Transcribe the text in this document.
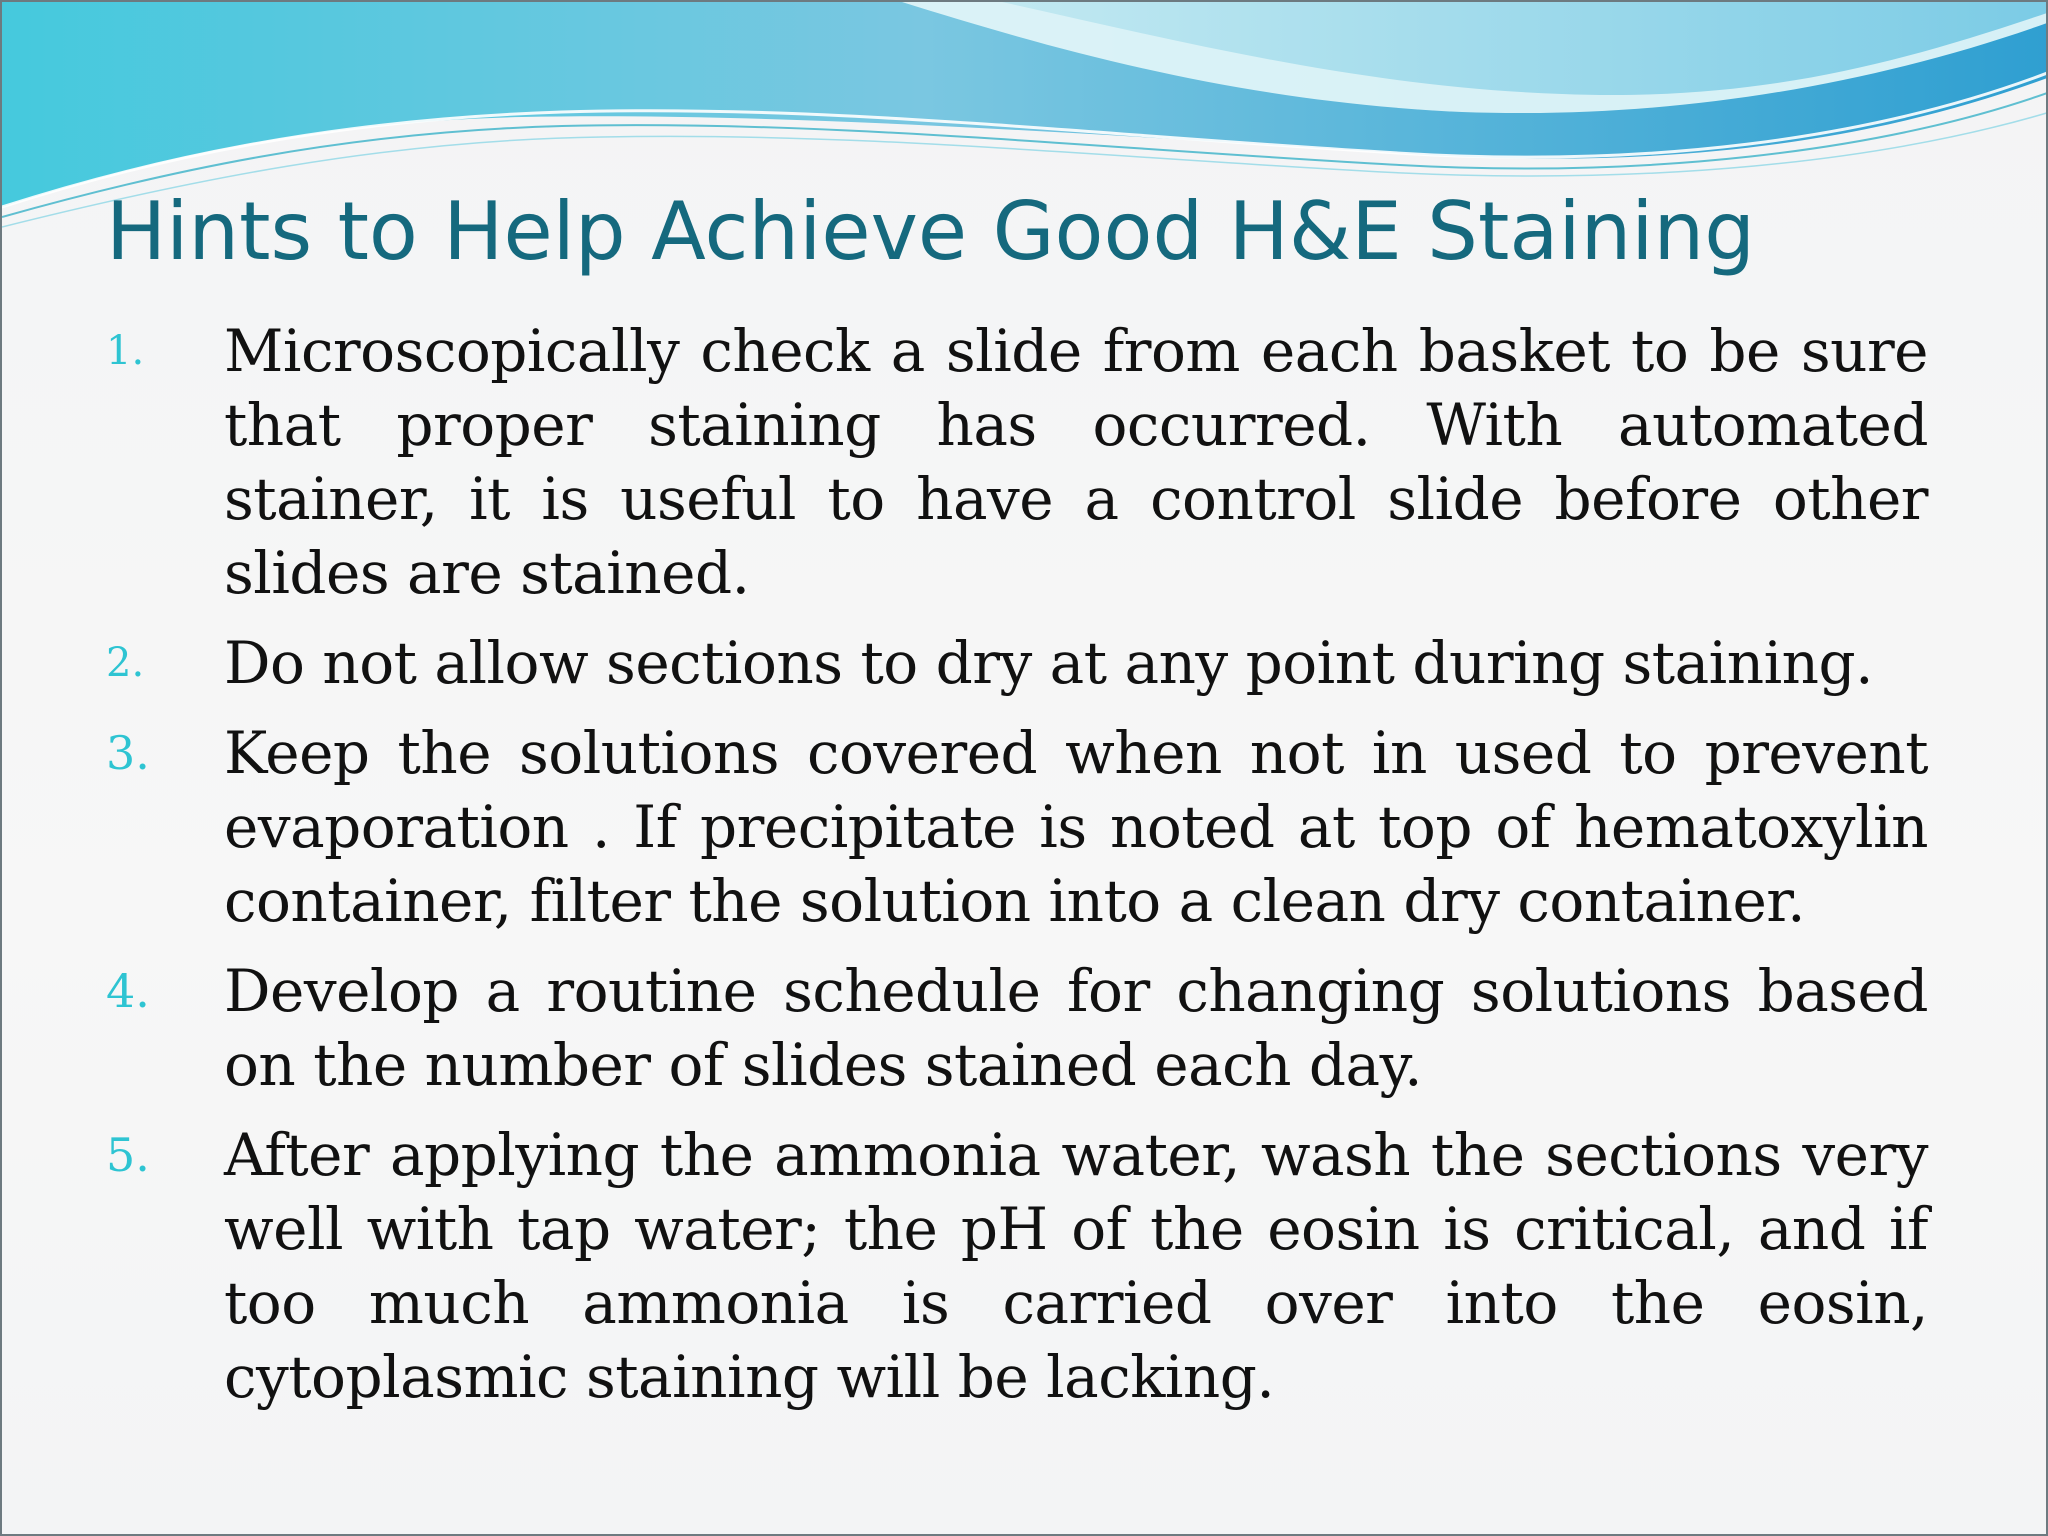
Hints to Help Achieve Good H&E Staining
1. Microscopically check a slide from each basket to be sure that proper staining has occurred. With automated stainer, it is useful to have a control slide before other slides are stained.
2. Do not allow sections to dry at any point during staining.
3. Keep the solutions covered when not in used to prevent evaporation . If precipitate is noted at top of hematoxylin container, filter the solution into a clean dry container.
4. Develop a routine schedule for changing solutions based on the number of slides stained each day.
5. After applying the ammonia water, wash the sections very well with tap water; the pH of the eosin is critical, and if too much ammonia is carried over into the eosin, cytoplasmic staining will be lacking.
